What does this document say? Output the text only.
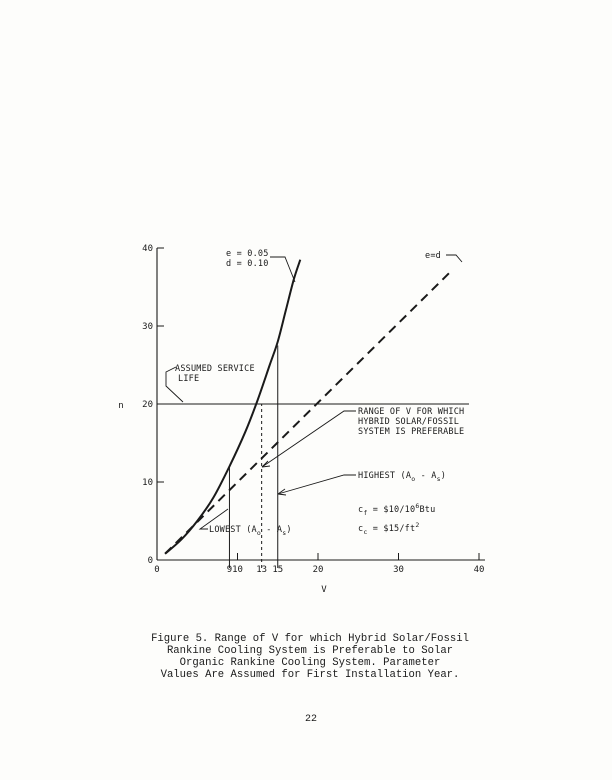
0
10
20
30
40
0	9 10 13 15	20	30	40
V
n
e = 0.05
d = 0.10
e=d
ASSUMED SERVICE
LIFE
RANGE OF V FOR WHICH
HYBRID SOLAR/FOSSIL
SYSTEM IS PREFERABLE
HIGHEST $(A_o - A_s)$
LOWEST $(A_o - A_s)$
$c_f$ = $\$10/10^6Btu$
$c_c$ = $\$15/ft^2$
Figure 5. Range of V for which Hybrid Solar/Fossil
Rankine Cooling System is Preferable to Solar
Organic Rankine Cooling System. Parameter
Values Are Assumed for First Installation Year.
22
